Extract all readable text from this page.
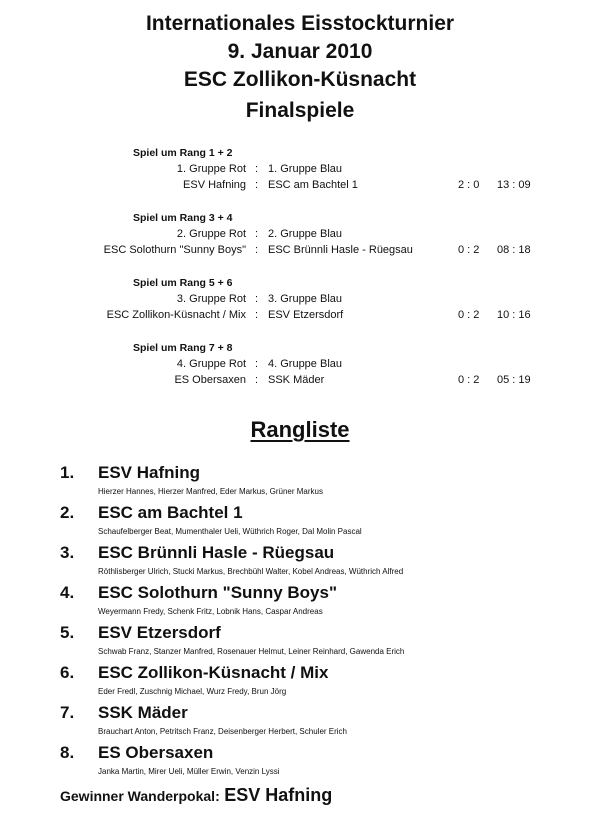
Internationales Eisstockturnier
9. Januar 2010
ESC Zollikon-Küsnacht
Finalspiele
Spiel um Rang 1 + 2
1. Gruppe Rot : 1. Gruppe Blau
ESV Hafning : ESC am Bachtel 1	2 : 0 13 : 09
Spiel um Rang 3 + 4
2. Gruppe Rot : 2. Gruppe Blau
ESC Solothurn "Sunny Boys" : ESC Brünnli Hasle - Rüegsau	0 : 2 08 : 18
Spiel um Rang 5 + 6
3. Gruppe Rot : 3. Gruppe Blau
ESC Zollikon-Küsnacht / Mix : ESV Etzersdorf	0 : 2 10 : 16
Spiel um Rang 7 + 8
4. Gruppe Rot : 4. Gruppe Blau
ES Obersaxen : SSK Mäder	0 : 2 05 : 19
Rangliste
1. ESV Hafning
Hierzer Hannes, Hierzer Manfred, Eder Markus, Grüner Markus
2. ESC am Bachtel 1
Schaufelberger Beat, Mumenthaler Ueli, Wüthrich Roger, Dal Molin Pascal
3. ESC Brünnli Hasle - Rüegsau
Röthlisberger Ulrich, Stucki Markus, Brechbühl Walter, Kobel Andreas, Wüthrich Alfred
4. ESC Solothurn "Sunny Boys"
Weyermann Fredy, Schenk Fritz, Lobnik Hans, Caspar Andreas
5. ESV Etzersdorf
Schwab Franz, Stanzer Manfred, Rosenauer Helmut, Leiner Reinhard, Gawenda Erich
6. ESC Zollikon-Küsnacht / Mix
Eder Fredl, Zuschnig Michael, Wurz Fredy, Brun Jörg
7. SSK Mäder
Brauchart Anton, Petritsch Franz, Deisenberger Herbert, Schuler Erich
8. ES Obersaxen
Janka Martin, Mirer Ueli, Müller Erwin, Venzin Lyssi
Gewinner Wanderpokal: ESV Hafning
